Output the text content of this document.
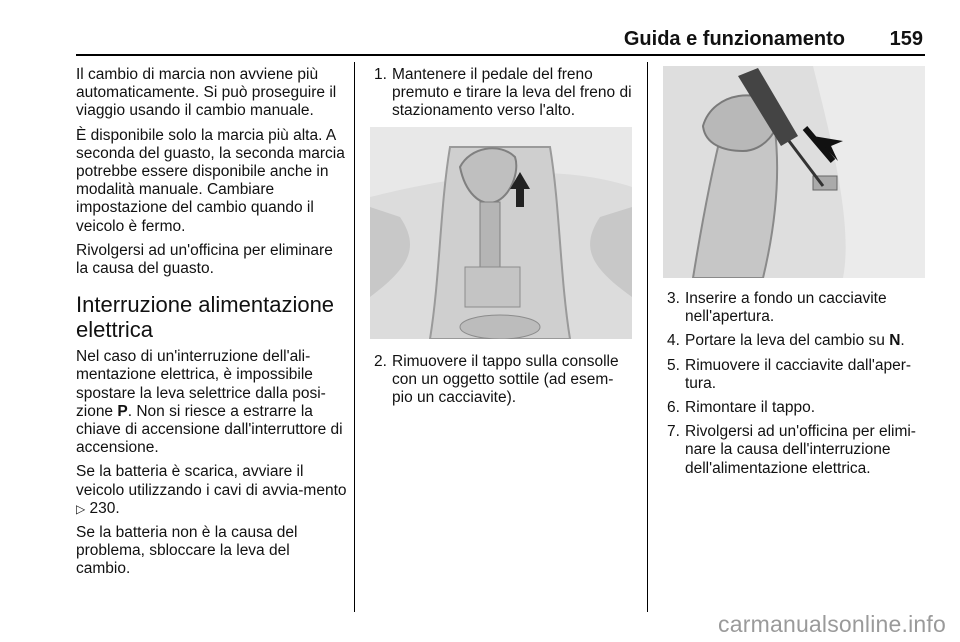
Guida e funzionamento 159

Il cambio di marcia non avviene più automaticamente. Si può proseguire il viaggio usando il cambio manuale.

È disponibile solo la marcia più alta. A seconda del guasto, la seconda marcia potrebbe essere disponibile anche in modalità manuale. Cambiare impostazione del cambio quando il veicolo è fermo.

Rivolgersi ad un'officina per eliminare la causa del guasto.

Interruzione alimentazione elettrica

Nel caso di un'interruzione dell'ali-mentazione elettrica, è impossibile spostare la leva selettrice dalla posi-zione P. Non si riesce a estrarre la chiave di accensione dall'interruttore di accensione.

Se la batteria è scarica, avviare il veicolo utilizzando i cavi di avvia-mento ▷ 230.

Se la batteria non è la causa del problema, sbloccare la leva del cambio.

1. Mantenere il pedale del freno premuto e tirare la leva del freno di stazionamento verso l'alto.
2. Rimuovere il tappo sulla consolle con un oggetto sottile (ad esem-pio un cacciavite).
3. Inserire a fondo un cacciavite nell'apertura.
4. Portare la leva del cambio su N.
5. Rimuovere il cacciavite dall'aper-tura.
6. Rimontare il tappo.
7. Rivolgersi ad un'officina per elimi-nare la causa dell'interruzione dell'alimentazione elettrica.
carmanualsonline.info
